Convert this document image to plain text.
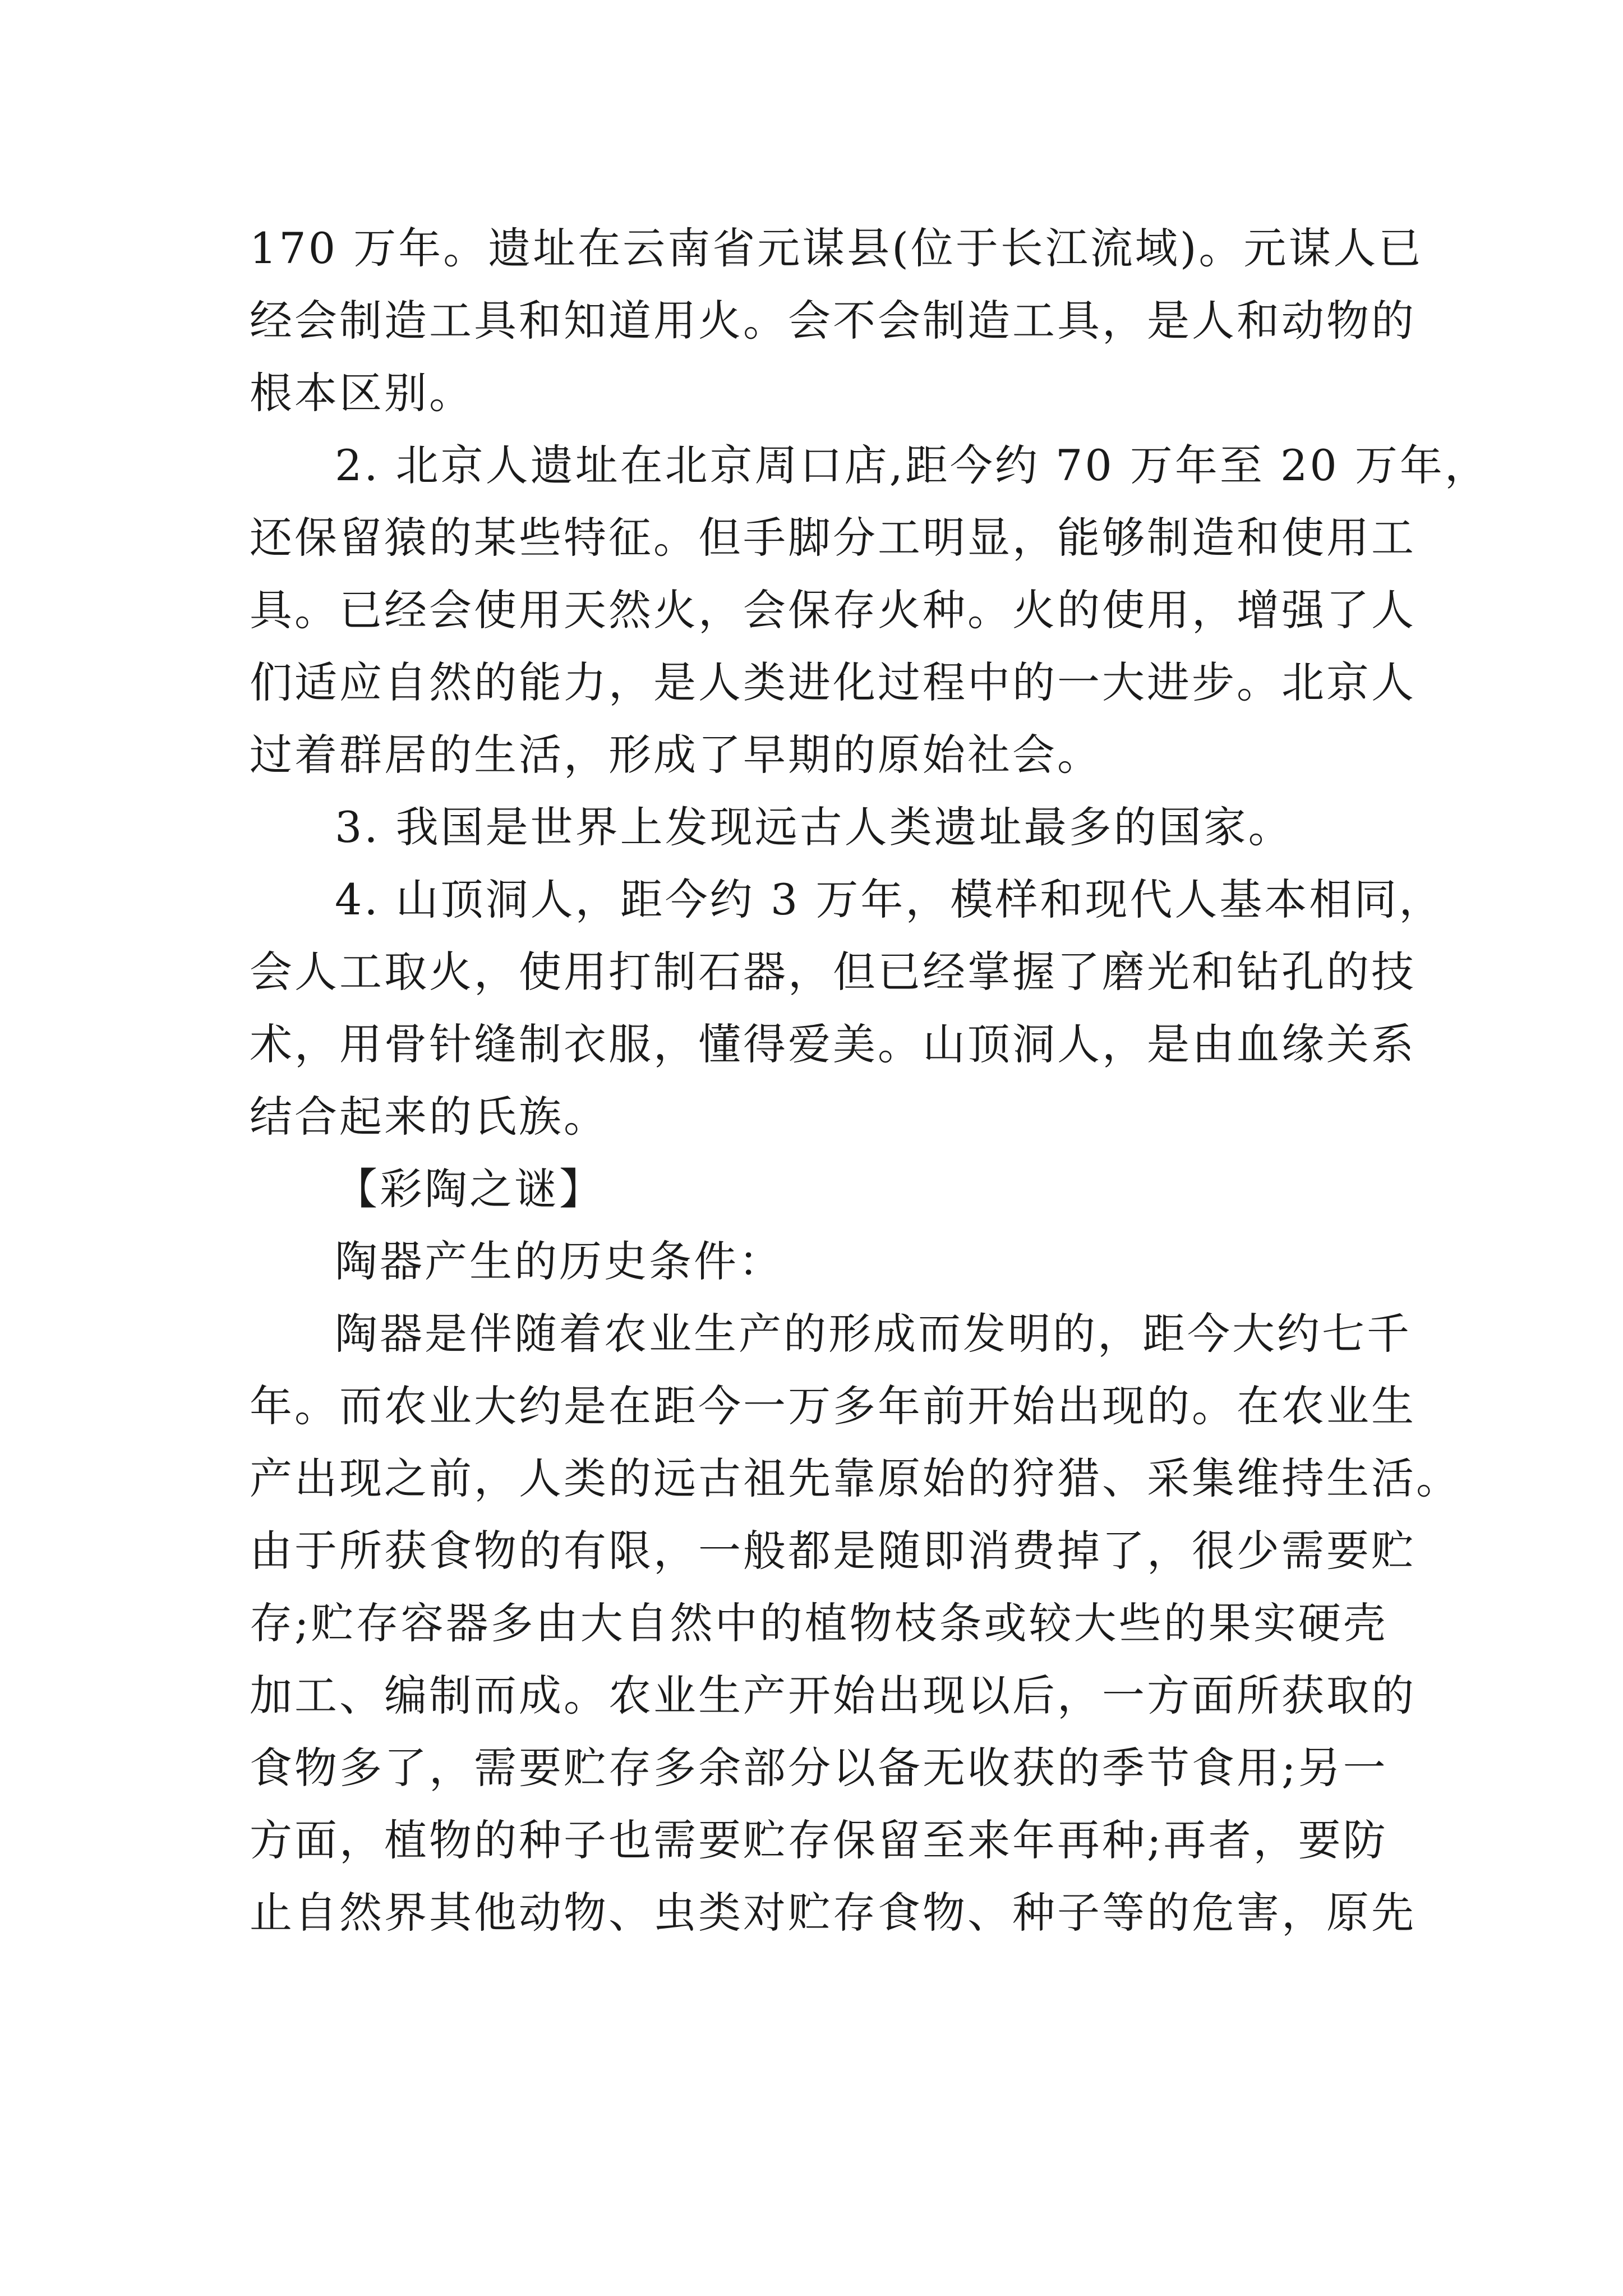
170 万年。遗址在云南省元谋县(位于长江流域)。元谋人已
经会制造工具和知道用火。会不会制造工具，是人和动物的
根本区别。
2. 北京人遗址在北京周口店,距今约 70 万年至 20 万年，
还保留猿的某些特征。但手脚分工明显，能够制造和使用工
具。已经会使用天然火，会保存火种。火的使用，增强了人
们适应自然的能力，是人类进化过程中的一大进步。北京人
过着群居的生活，形成了早期的原始社会。
3. 我国是世界上发现远古人类遗址最多的国家。
4. 山顶洞人，距今约 3 万年，模样和现代人基本相同，
会人工取火，使用打制石器，但已经掌握了磨光和钻孔的技
术，用骨针缝制衣服，懂得爱美。山顶洞人，是由血缘关系
结合起来的氏族。
【彩陶之谜】
陶器产生的历史条件：
陶器是伴随着农业生产的形成而发明的，距今大约七千
年。而农业大约是在距今一万多年前开始出现的。在农业生
产出现之前，人类的远古祖先靠原始的狩猎、采集维持生活。
由于所获食物的有限，一般都是随即消费掉了，很少需要贮
存;贮存容器多由大自然中的植物枝条或较大些的果实硬壳
加工、编制而成。农业生产开始出现以后，一方面所获取的
食物多了，需要贮存多余部分以备无收获的季节食用;另一
方面，植物的种子也需要贮存保留至来年再种;再者，要防
止自然界其他动物、虫类对贮存食物、种子等的危害，原先
